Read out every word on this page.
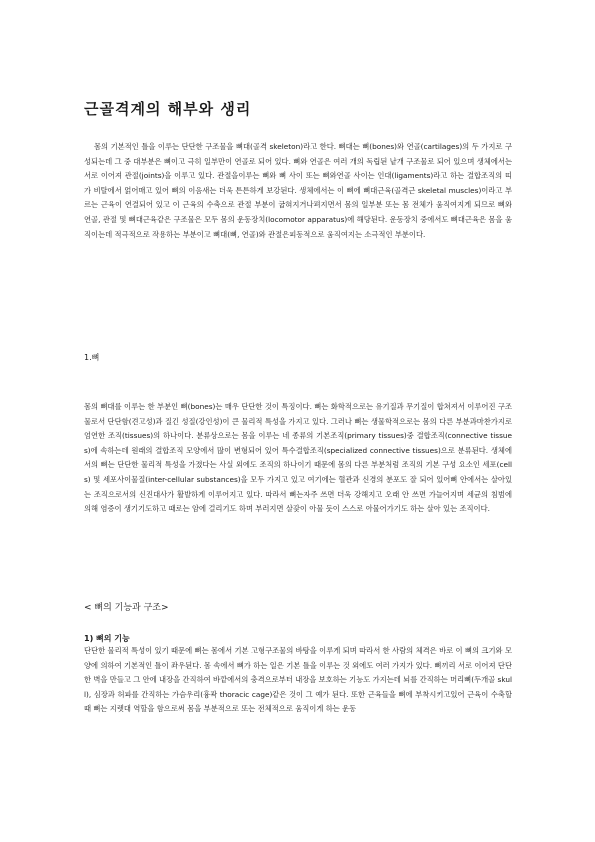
근골격계의 해부와 생리

몸의 기본적인 틀을 이루는 단단한 구조물을 뼈대(골격 skeleton)라고 한다. 뼈대는 뼈(bones)와 연골(cartilages)의 두 가지로 구성되는데 그 중 대부분은 뼈이고 극히 일부만이 연골로 되어 있다. 뼈와 연골은 여러 개의 독립된 낱개 구조물로 되어 있으며 생체에서는 서로 이어져 관절(joints)을 이루고 있다. 관절을이루는 뼈와 뼈 사이 또는 뼈와연골 사이는 인대(ligaments)라고 하는 결합조직의 띠가 비탈에서 얽어매고 있어 뼈의 이음새는 더욱 튼튼하게 보강된다. 생체에서는 이 뼈에 뼈대근육(골격근 skeletal muscles)이라고 부르는 근육이 연결되어 있고 이 근육의 수축으로 관절 부분이 굽혀지거나펴지면서 몸의 일부분 또는 몸 전체가 움직여지게 되므로 뼈와 연골, 관절 및 뼈대근육같은 구조물은 모두 몸의 운동장치(locomotor apparatus)에 해당된다. 운동장치 중에서도 뼈대근육은 몸을 움직이는데 적극적으로 작용하는 부분이고 뼈대(뼈, 연골)와 관절은피동적으로 움직여지는 소극적인 부분이다.

1.뼈

몸의 뼈대를 이루는 한 부분인 뼈(bones)는 매우 단단한 것이 특징이다. 뼈는 화학적으로는 유기질과 무기질이 합쳐져서 이루어진 구조물로서 단단함(견고성)과 질긴 성질(강인성)이 큰 물리적 특성을 가지고 있다. 그러나 뼈는 생물학적으로는 몸의 다른 부분과마찬가지로 엄연한 조직(tissues)의 하나이다. 분류상으로는 몸을 이루는 네 종류의 기본조직(primary tissues)중 결합조직(connective tissues)에 속하는데 원래의 결합조직 모양에서 많이 변형되어 있어 특수결합조직(specialized connective tissues)으로 분류된다. 생체에서의 뼈는 단단한 물리적 특성을 가졌다는 사실 외에도 조직의 하나이기 때문에 몸의 다른 부분처럼 조직의 기본 구성 요소인 세포(cells) 및 세포사이물질(inter-cellular substances)을 모두 가지고 있고 여기에는 혈관과 신경의 분포도 잘 되어 있어뼈 안에서는 살아있는 조직으로서의 신진대사가 활발하게 이루어지고 있다. 따라서 뼈는자주 쓰면 더욱 강해지고 오래 안 쓰면 가늘어지며 세균의 침범에 의해 염증이 생기기도하고 때로는 암에 걸리기도 하며 부러지면 살갗이 아물 듯이 스스로 아물어가기도 하는 살아 있는 조직이다.

< 뼈의 기능과 구조>

1) 뼈의 기능

단단한 물리적 특성이 있기 때문에 뼈는 몸에서 기본 고형구조물의 바탕을 이루게 되며 따라서 한 사람의 체격은 바로 이 뼈의 크기와 모양에 의하여 기본적인 틀이 좌우된다. 몸 속에서 뼈가 하는 일은 기본 틀을 이루는 것 외에도 여러 가지가 있다. 뼈끼리 서로 이어져 단단한 벽을 만들고 그 안에 내장을 간직하여 바깥에서의 충격으로부터 내장을 보호하는 기능도 가지는데 뇌를 간직하는 머리뼈(두개골 skull), 심장과 허파를 간직하는 가슴우리(흉곽 thoracic cage)같은 것이 그 예가 된다. 또한 근육들을 뼈에 부착시키고있어 근육이 수축할 때 뼈는 지렛대 역할을 함으로써 몸을 부분적으로 또는 전체적으로 움직이게 하는 운동
